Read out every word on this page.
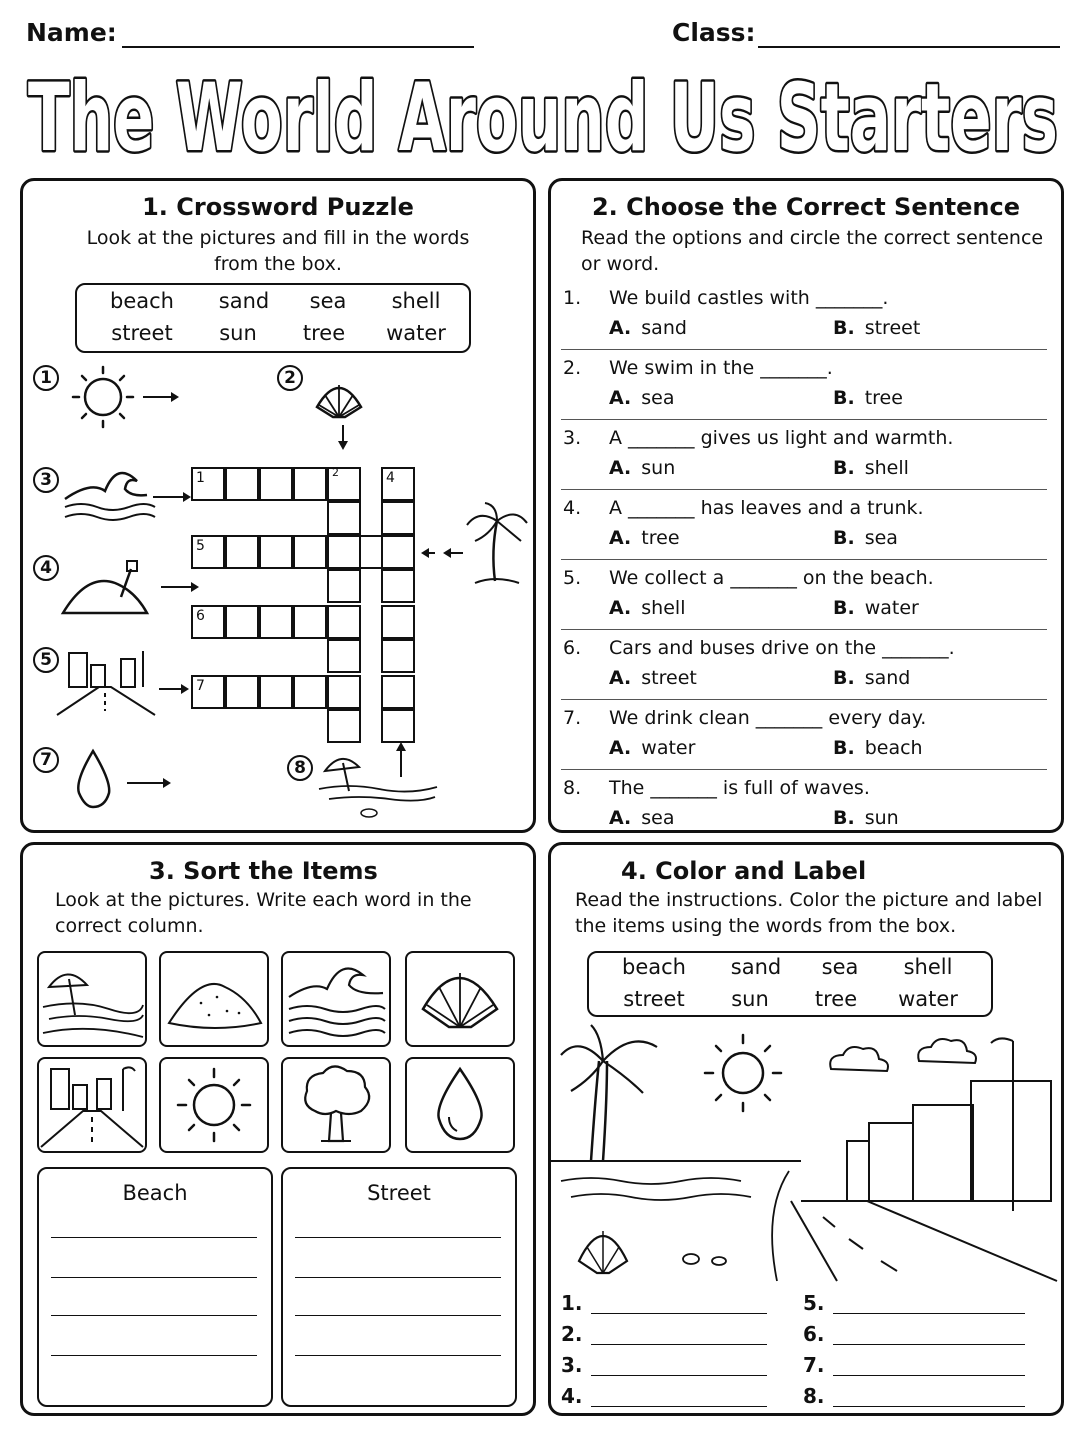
Name:	Class:
The World Around Us Starters
1. Crossword Puzzle
Look at the pictures and fill in the words
from the box.
beach	sand	sea	shell
street	sun	tree	water
1	2
3
4
5
7	8
1	2	4
5
6
7
2. Choose the Correct Sentence
Read the options and circle the correct sentence
or word.
1. We build castles with _______.
A. sand	B. street
2. We swim in the _______.
A. sea	B. tree
3. A _______ gives us light and warmth.
A. sun	B. shell
4. A _______ has leaves and a trunk.
A. tree	B. sea
5. We collect a _______ on the beach.
A. shell	B. water
6. Cars and buses drive on the _______.
A. street	B. sand
7. We drink clean _______ every day.
A. water	B. beach
8. The _______ is full of waves.
A. sea	B. sun
3. Sort the Items
Look at the pictures. Write each word in the
correct column.
Beach	Street
4. Color and Label
Read the instructions. Color the picture and label
the items using the words from the box.
beach	sand	sea	shell
street	sun	tree	water
1.
2.
3.
4.
5.
6.
7.
8.
